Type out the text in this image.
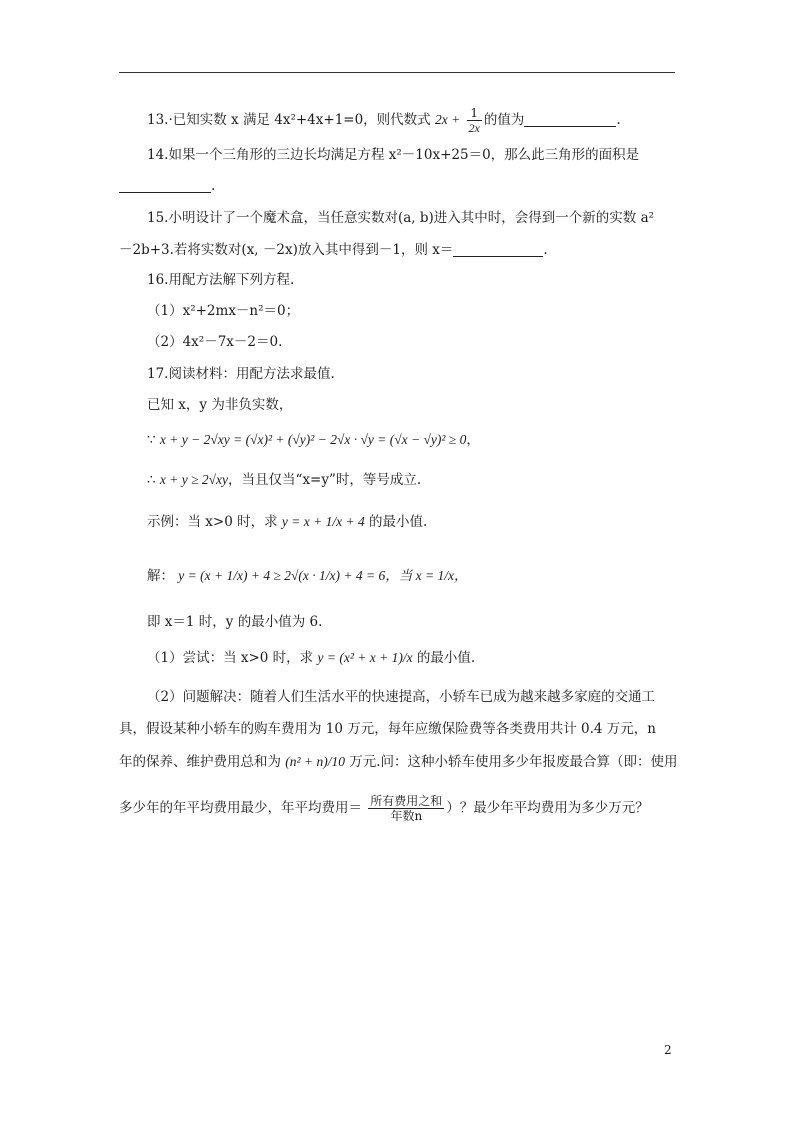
13.·已知实数 x 满足 4x²+4x+1=0，则代数式 $2x + \frac{1}{2x}$ 的值为	.
14.如果一个三角形的三边长均满足方程 x²－10x+25＝0，那么此三角形的面积是
.
15.小明设计了一个魔术盒，当任意实数对(a, b)进入其中时，会得到一个新的实数 a²
－2b+3.若将实数对(x, －2x)放入其中得到－1，则 x＝	.
16.用配方法解下列方程.
（1）x²+2mx－n²＝0；
（2）4x²－7x－2＝0.
17.阅读材料：用配方法求最值.
已知 x，y 为非负实数，
∵ x + y − 2√xy = (√x)² + (√y)² − 2√x · √y = (√x − √y)² ≥ 0，
∴ x + y ≥ 2√xy，当且仅当“x=y”时，等号成立.
示例：当 x>0 时，求 y = x + 1/x + 4 的最小值.
解： y = (x + 1/x) + 4 ≥ 2√(x · 1/x) + 4 = 6，当 x = 1/x，
即 x＝1 时，y 的最小值为 6.
（1）尝试：当 x>0 时，求 y = (x² + x + 1)/x 的最小值.
（2）问题解决：随着人们生活水平的快速提高，小轿车已成为越来越多家庭的交通工
具，假设某种小轿车的购车费用为 10 万元，每年应缴保险费等各类费用共计 0.4 万元，n
年的保养、维护费用总和为 (n² + n)/10 万元.问：这种小轿车使用多少年报废最合算（即：使用
多少年的年平均费用最少，年平均费用＝ $\frac{\text{所有费用之和}}{\text{年数n}}$ ）？最少年平均费用为多少万元？
2
